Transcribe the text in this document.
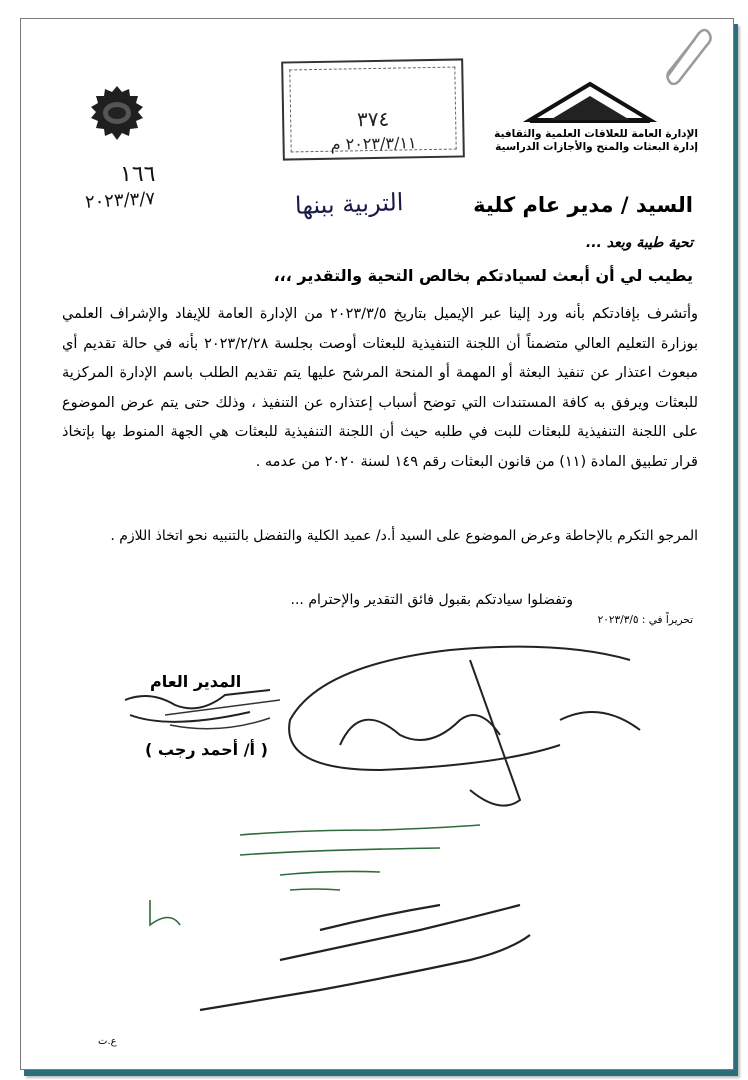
٣٧٤
٢٠٢٣/٣/١١ م	الإدارة العامة للعلاقات العلمية والثقافية
إدارة البعثات والمنح والأجازات الدراسية
١٦٦
٢٠٢٣/٣/٧	السيد / مدير عام كلية
التربية ببنها
تحية طيبة وبعد ...
يطيب لي أن أبعث لسيادتكم بخالص التحية والتقدير ،،،
وأتشرف بإفادتكم بأنه ورد إلينا عبر الإيميل بتاريخ ٢٠٢٣/٣/٥ من الإدارة العامة للإيفاد والإشراف العلمي بوزارة التعليم العالي متضمناً أن اللجنة التنفيذية للبعثات أوصت بجلسة ٢٠٢٣/٢/٢٨ بأنه في حالة تقديم أي مبعوث اعتذار عن تنفيذ البعثة أو المهمة أو المنحة المرشح عليها يتم تقديم الطلب باسم الإدارة المركزية للبعثات ويرفق به كافة المستندات التي توضح أسباب إعتذاره عن التنفيذ ، وذلك حتى يتم عرض الموضوع على اللجنة التنفيذية للبعثات للبت في طلبه حيث أن اللجنة التنفيذية للبعثات هي الجهة المنوط بها بإتخاذ قرار تطبيق المادة (١١) من قانون البعثات رقم ١٤٩ لسنة ٢٠٢٠ من عدمه .
المرجو التكرم بالإحاطة وعرض الموضوع على السيد أ.د/ عميد الكلية والتفضل بالتنبيه نحو اتخاذ اللازم .
وتفضلوا سيادتكم بقبول فائق التقدير والإحترام ...
تحريراً في : ٢٠٢٣/٣/٥
المدير العام
( أ/ أحمد رجب )
ع.ت
